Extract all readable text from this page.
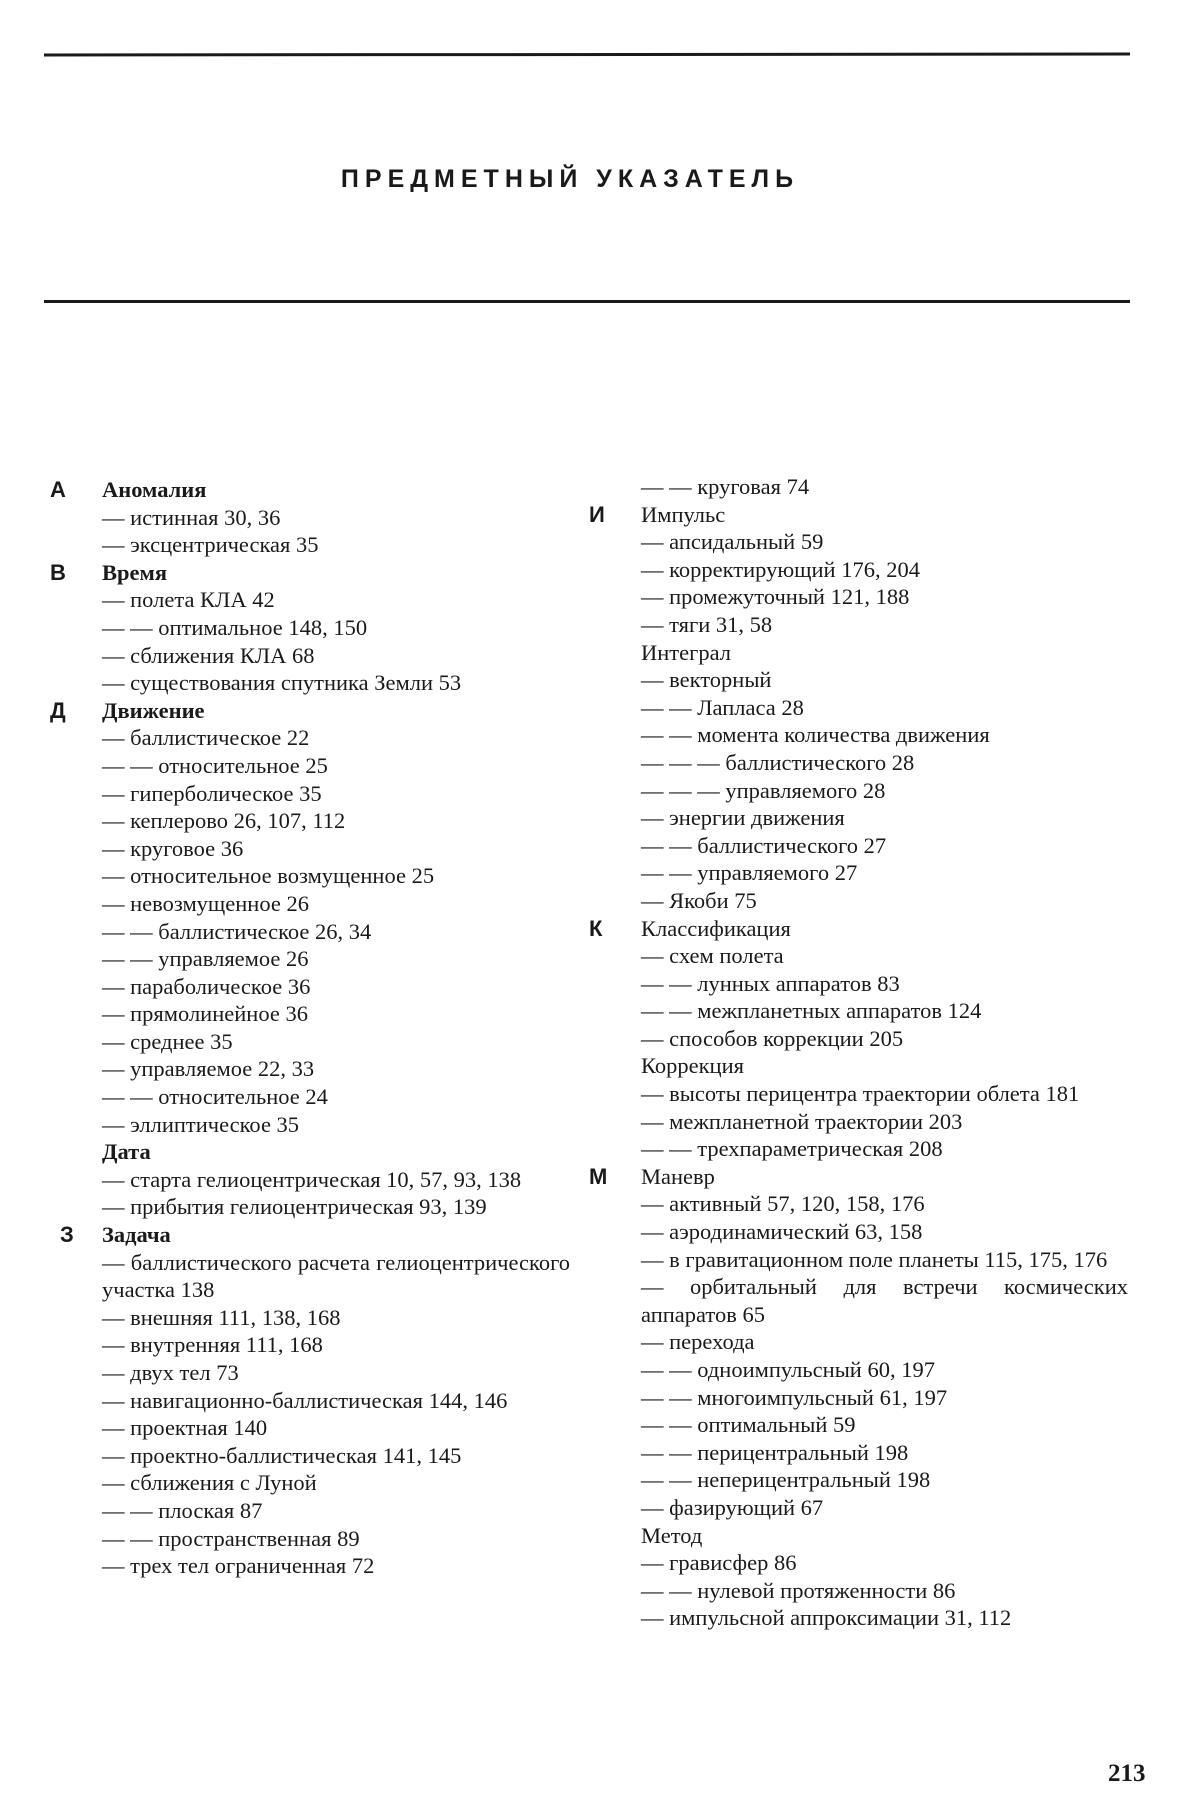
ПРЕДМЕТНЫЙ УКАЗАТЕЛЬ
А Аномалия
— истинная 30, 36
— эксцентрическая 35
В Время
— полета КЛА 42
— — оптимальное 148, 150
— сближения КЛА 68
— существования спутника Земли 53
Д Движение
— баллистическое 22
— — относительное 25
— гиперболическое 35
— кеплерово 26, 107, 112
— круговое 36
— относительное возмущенное 25
— невозмущенное 26
— — баллистическое 26, 34
— — управляемое 26
— параболическое 36
— прямолинейное 36
— среднее 35
— управляемое 22, 33
— — относительное 24
— эллиптическое 35
Дата
— старта гелиоцентрическая 10, 57, 93, 138
— прибытия гелиоцентрическая 93, 139
З Задача
— баллистического расчета гелиоцентрического участка 138
— внешняя 111, 138, 168
— внутренняя 111, 168
— двух тел 73
— навигационно-баллистическая 144, 146
— проектная 140
— проектно-баллистическая 141, 145
— сближения с Луной
— — плоская 87
— — пространственная 89
— трех тел ограниченная 72
— — круговая 74
И Импульс
— апсидальный 59
— корректирующий 176, 204
— промежуточный 121, 188
— тяги 31, 58
Интеграл
— векторный
— — Лапласа 28
— — момента количества движения
— — — баллистического 28
— — — управляемого 28
— энергии движения
— — баллистического 27
— — управляемого 27
— Якоби 75
К Классификация
— схем полета
— — лунных аппаратов 83
— — межпланетных аппаратов 124
— способов коррекции 205
Коррекция
— высоты перицентра траектории облета 181
— межпланетной траектории 203
— — трехпараметрическая 208
М Маневр
— активный 57, 120, 158, 176
— аэродинамический 63, 158
— в гравитационном поле планеты 115, 175, 176
— орбитальный для встречи космических аппаратов 65
— перехода
— — одноимпульсный 60, 197
— — многоимпульсный 61, 197
— — оптимальный 59
— — перицентральный 198
— — неперицентральный 198
— фазирующий 67
Метод
— грависфер 86
— — нулевой протяженности 86
— импульсной аппроксимации 31, 112
213
